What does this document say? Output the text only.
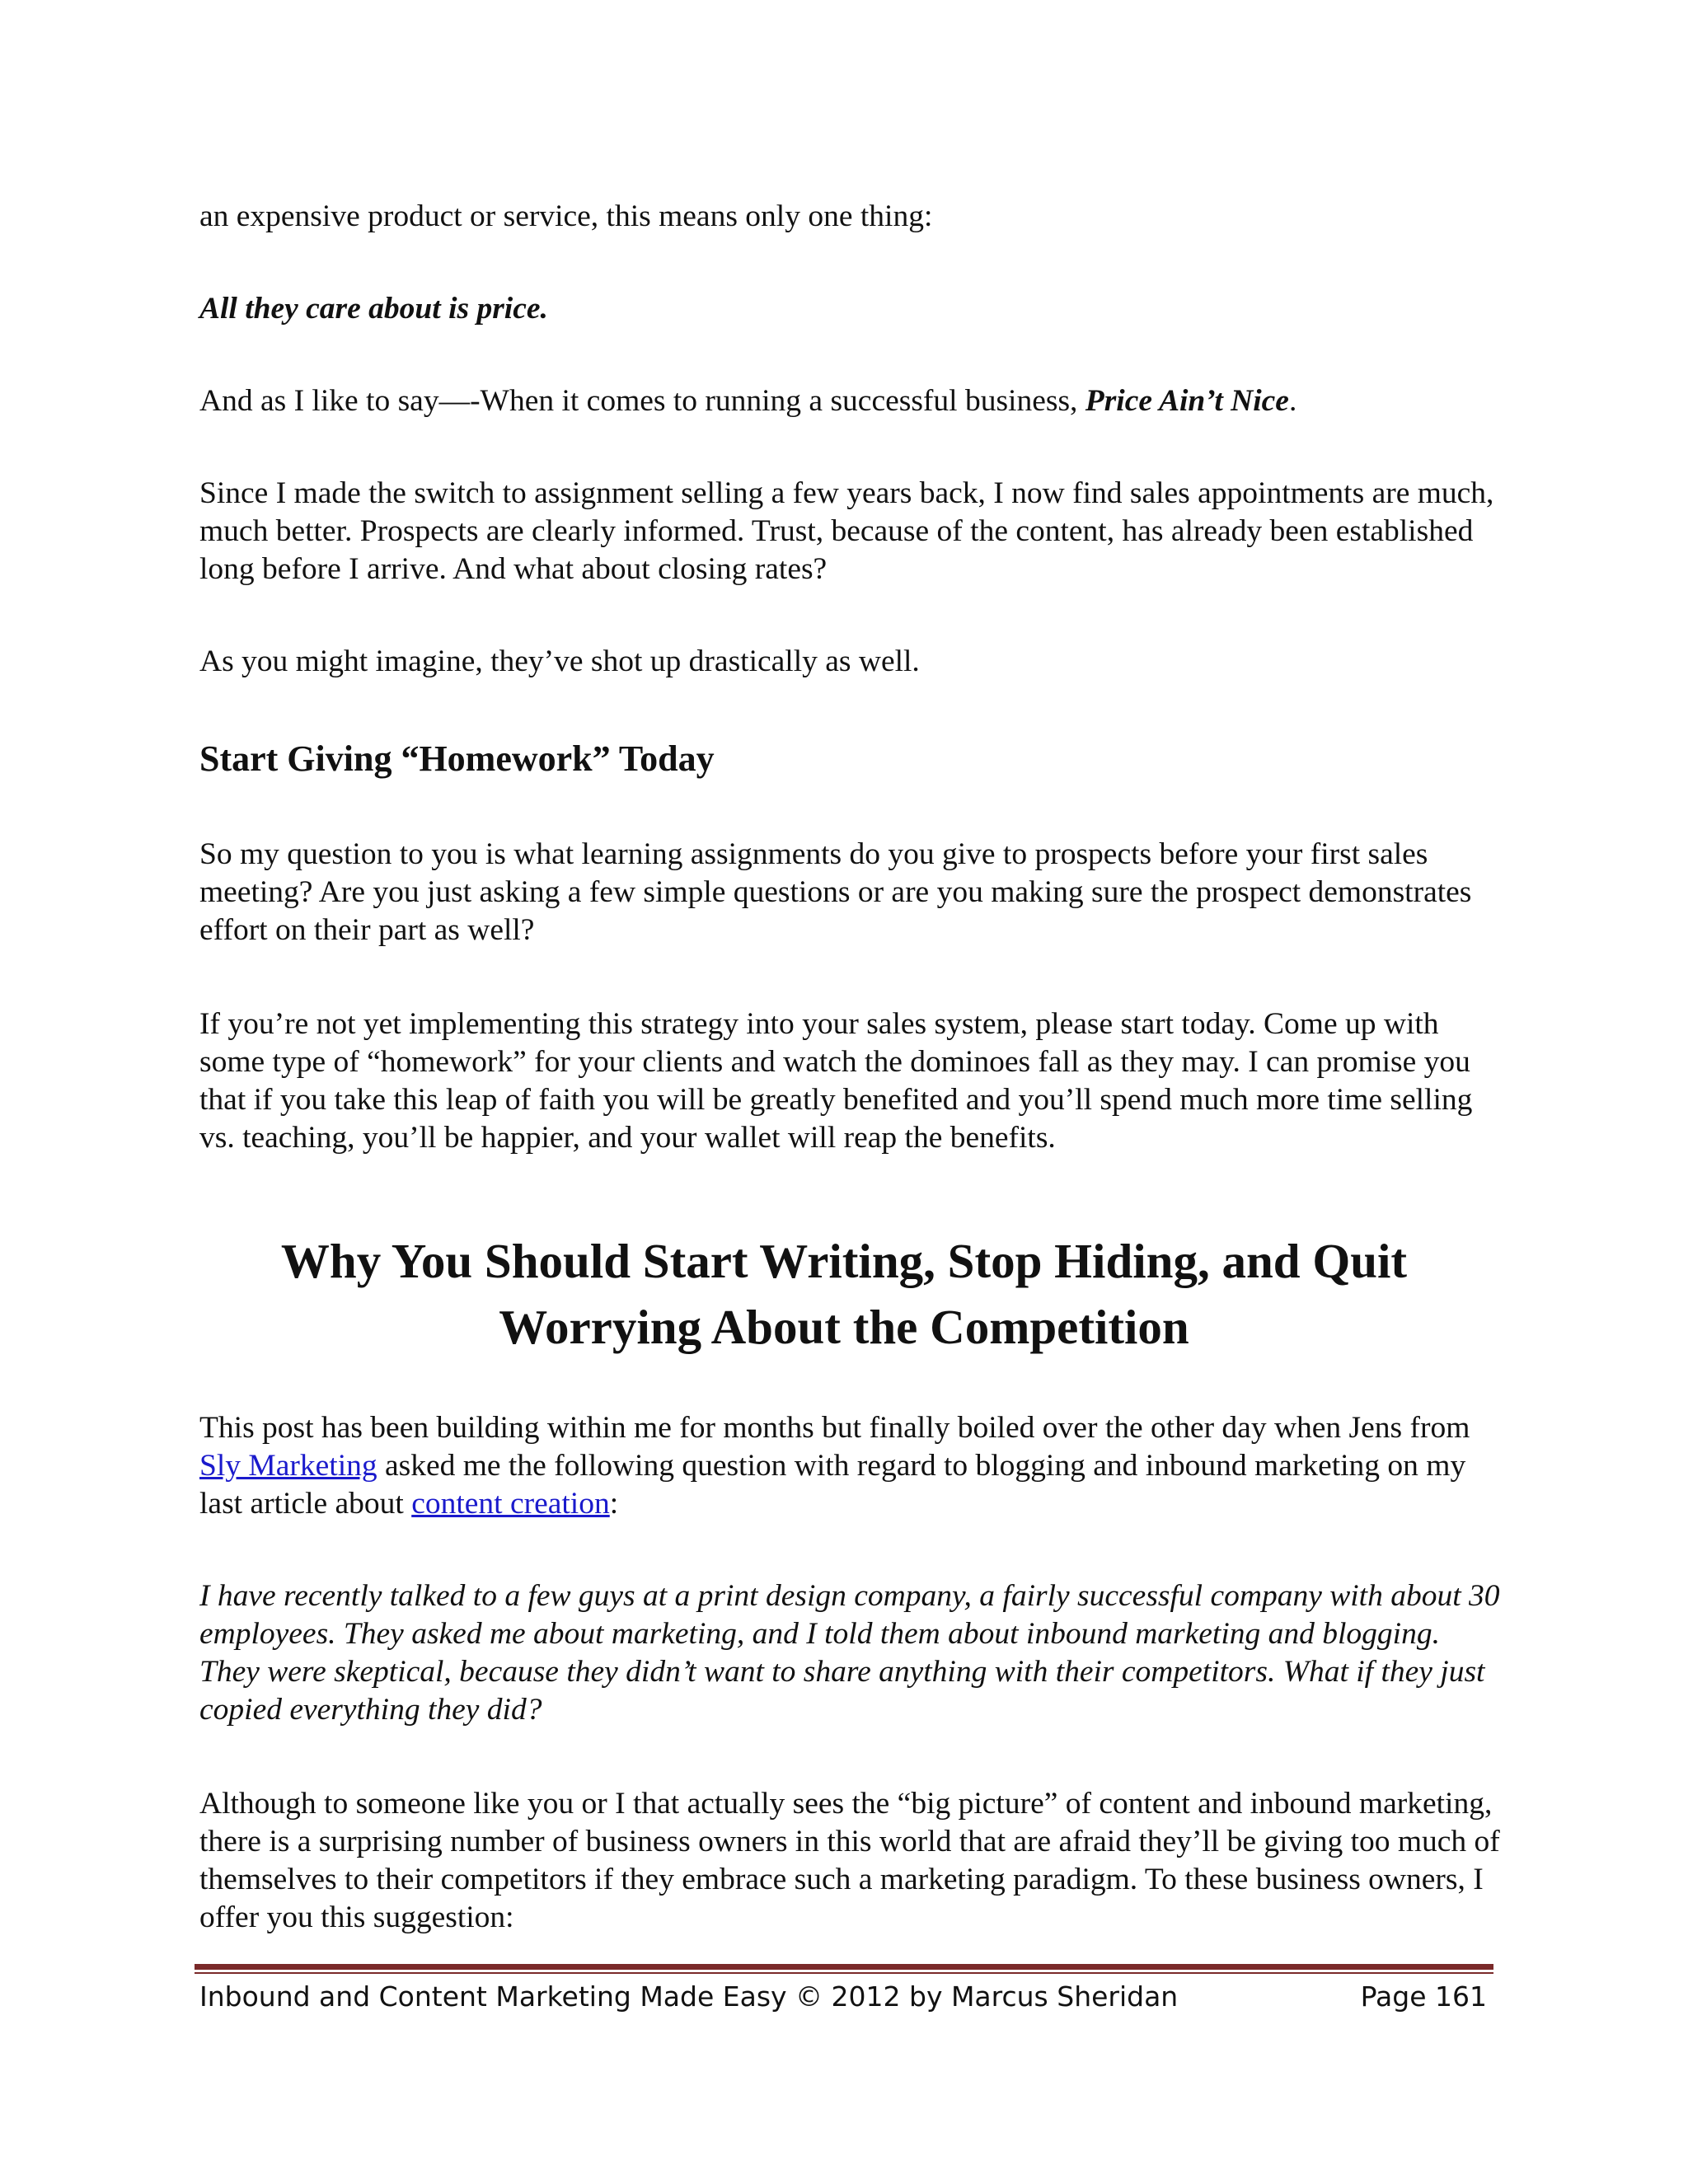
an expensive product or service, this means only one thing:

All they care about is price.

And as I like to say—-When it comes to running a successful business, Price Ain’t Nice.

Since I made the switch to assignment selling a few years back, I now find sales appointments are much, much better. Prospects are clearly informed. Trust, because of the content, has already been established long before I arrive. And what about closing rates?

As you might imagine, they’ve shot up drastically as well.

Start Giving “Homework” Today

So my question to you is what learning assignments do you give to prospects before your first sales meeting? Are you just asking a few simple questions or are you making sure the prospect demonstrates effort on their part as well?

If you’re not yet implementing this strategy into your sales system, please start today. Come up with some type of “homework” for your clients and watch the dominoes fall as they may. I can promise you that if you take this leap of faith you will be greatly benefited and you’ll spend much more time selling vs. teaching, you’ll be happier, and your wallet will reap the benefits.

Why You Should Start Writing, Stop Hiding, and Quit
Worrying About the Competition

This post has been building within me for months but finally boiled over the other day when Jens from Sly Marketing asked me the following question with regard to blogging and inbound marketing on my last article about content creation:

I have recently talked to a few guys at a print design company, a fairly successful company with about 30 employees. They asked me about marketing, and I told them about inbound marketing and blogging. They were skeptical, because they didn’t want to share anything with their competitors. What if they just copied everything they did?

Although to someone like you or I that actually sees the “big picture” of content and inbound marketing, there is a surprising number of business owners in this world that are afraid they’ll be giving too much of themselves to their competitors if they embrace such a marketing paradigm. To these business owners, I offer you this suggestion:

Inbound and Content Marketing Made Easy © 2012 by Marcus Sheridan	Page 161
